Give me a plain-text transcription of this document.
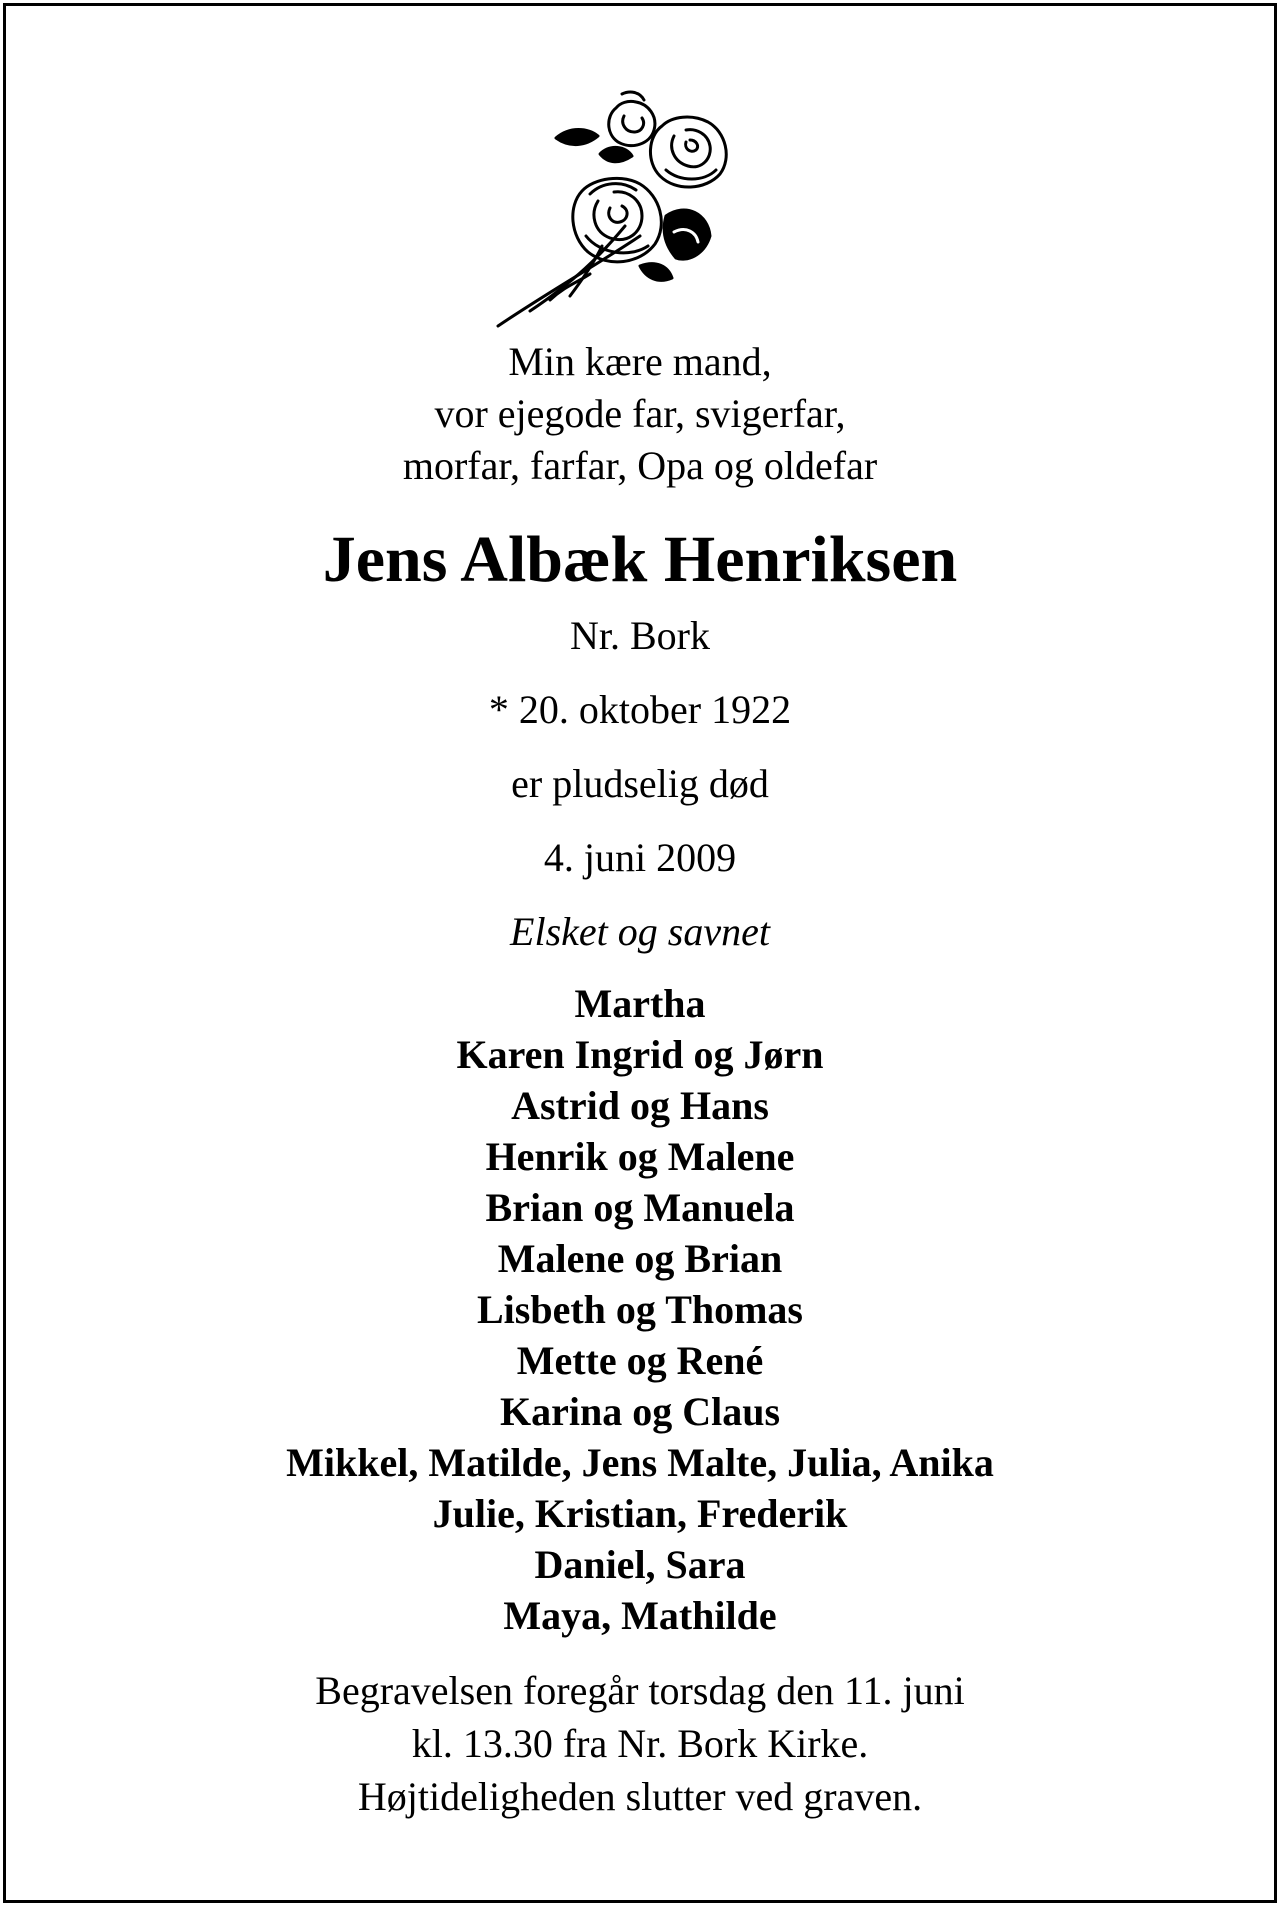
Min kære mand,
vor ejegode far, svigerfar,
morfar, farfar, Opa og oldefar
Jens Albæk Henriksen
Nr. Bork
* 20. oktober 1922
er pludselig død
4. juni 2009
Elsket og savnet
Martha
Karen Ingrid og Jørn
Astrid og Hans
Henrik og Malene
Brian og Manuela
Malene og Brian
Lisbeth og Thomas
Mette og René
Karina og Claus
Mikkel, Matilde, Jens Malte, Julia, Anika
Julie, Kristian, Frederik
Daniel, Sara
Maya, Mathilde
Begravelsen foregår torsdag den 11. juni
kl. 13.30 fra Nr. Bork Kirke.
Højtideligheden slutter ved graven.
